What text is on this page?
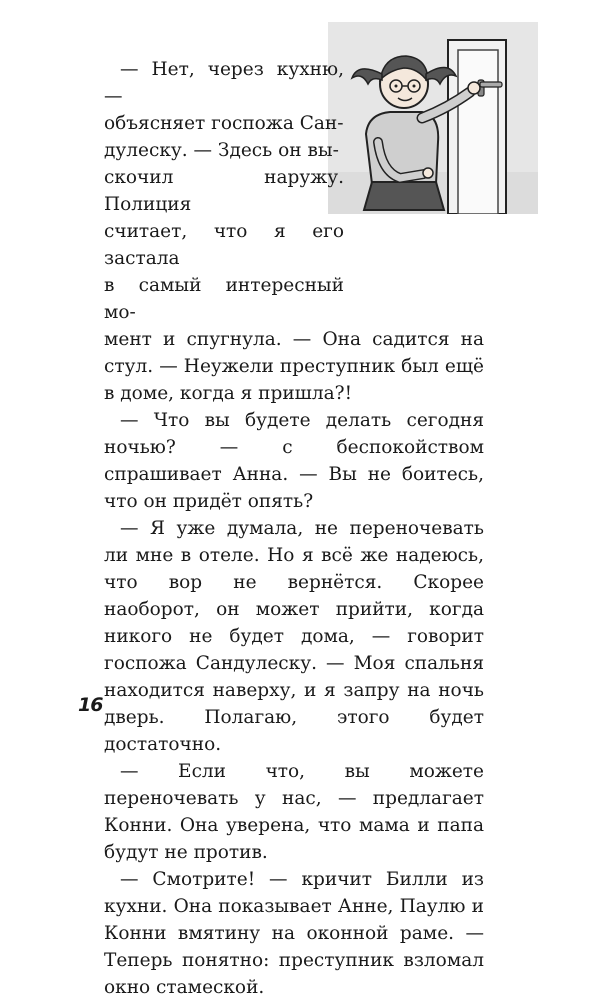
— Нет, через кухню, —

объясняет госпожа Сан-

дулеску. — Здесь он вы-

скочил наружу. Полиция

считает, что я его застала

в самый интересный мо-

мент и спугнула. — Она садится на стул. — Неужели преступник был ещё в доме, когда я пришла?!

— Что вы будете делать сегодня ночью? — с беспокойством спрашивает Анна. — Вы не боитесь, что он придёт опять?

— Я уже думала, не переночевать ли мне в отеле. Но я всё же надеюсь, что вор не вернётся. Скорее наоборот, он может прийти, когда никого не будет дома, — говорит госпожа Сандулеску. — Моя спальня находится наверху, и я запру на ночь дверь. Полагаю, этого будет достаточно.

— Если что, вы можете переночевать у нас, — предлагает Конни. Она уверена, что мама и папа будут не против.

— Смотрите! — кричит Билли из кухни. Она показывает Анне, Паулю и Конни вмятину на оконной раме. — Теперь понятно: преступник взломал окно стамеской.

16
